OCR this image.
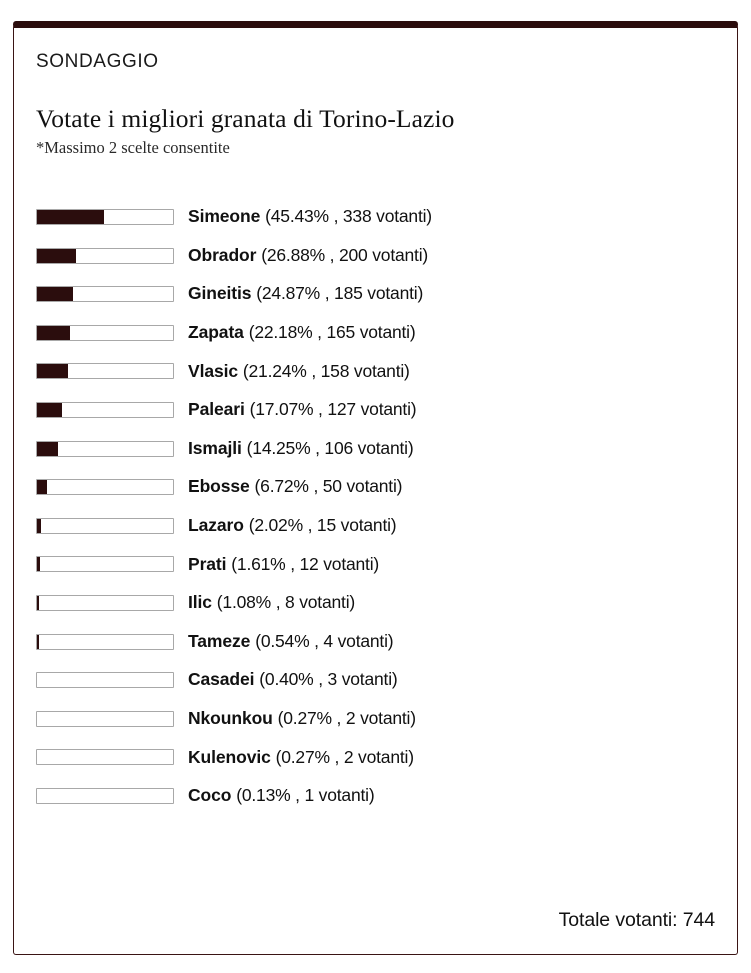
SONDAGGIO
Votate i migliori granata di Torino-Lazio
*Massimo 2 scelte consentite
Simeone (45.43% , 338 votanti)
Obrador (26.88% , 200 votanti)
Gineitis (24.87% , 185 votanti)
Zapata (22.18% , 165 votanti)
Vlasic (21.24% , 158 votanti)
Paleari (17.07% , 127 votanti)
Ismajli (14.25% , 106 votanti)
Ebosse (6.72% , 50 votanti)
Lazaro (2.02% , 15 votanti)
Prati (1.61% , 12 votanti)
Ilic (1.08% , 8 votanti)
Tameze (0.54% , 4 votanti)
Casadei (0.40% , 3 votanti)
Nkounkou (0.27% , 2 votanti)
Kulenovic (0.27% , 2 votanti)
Coco (0.13% , 1 votanti)
Totale votanti: 744
